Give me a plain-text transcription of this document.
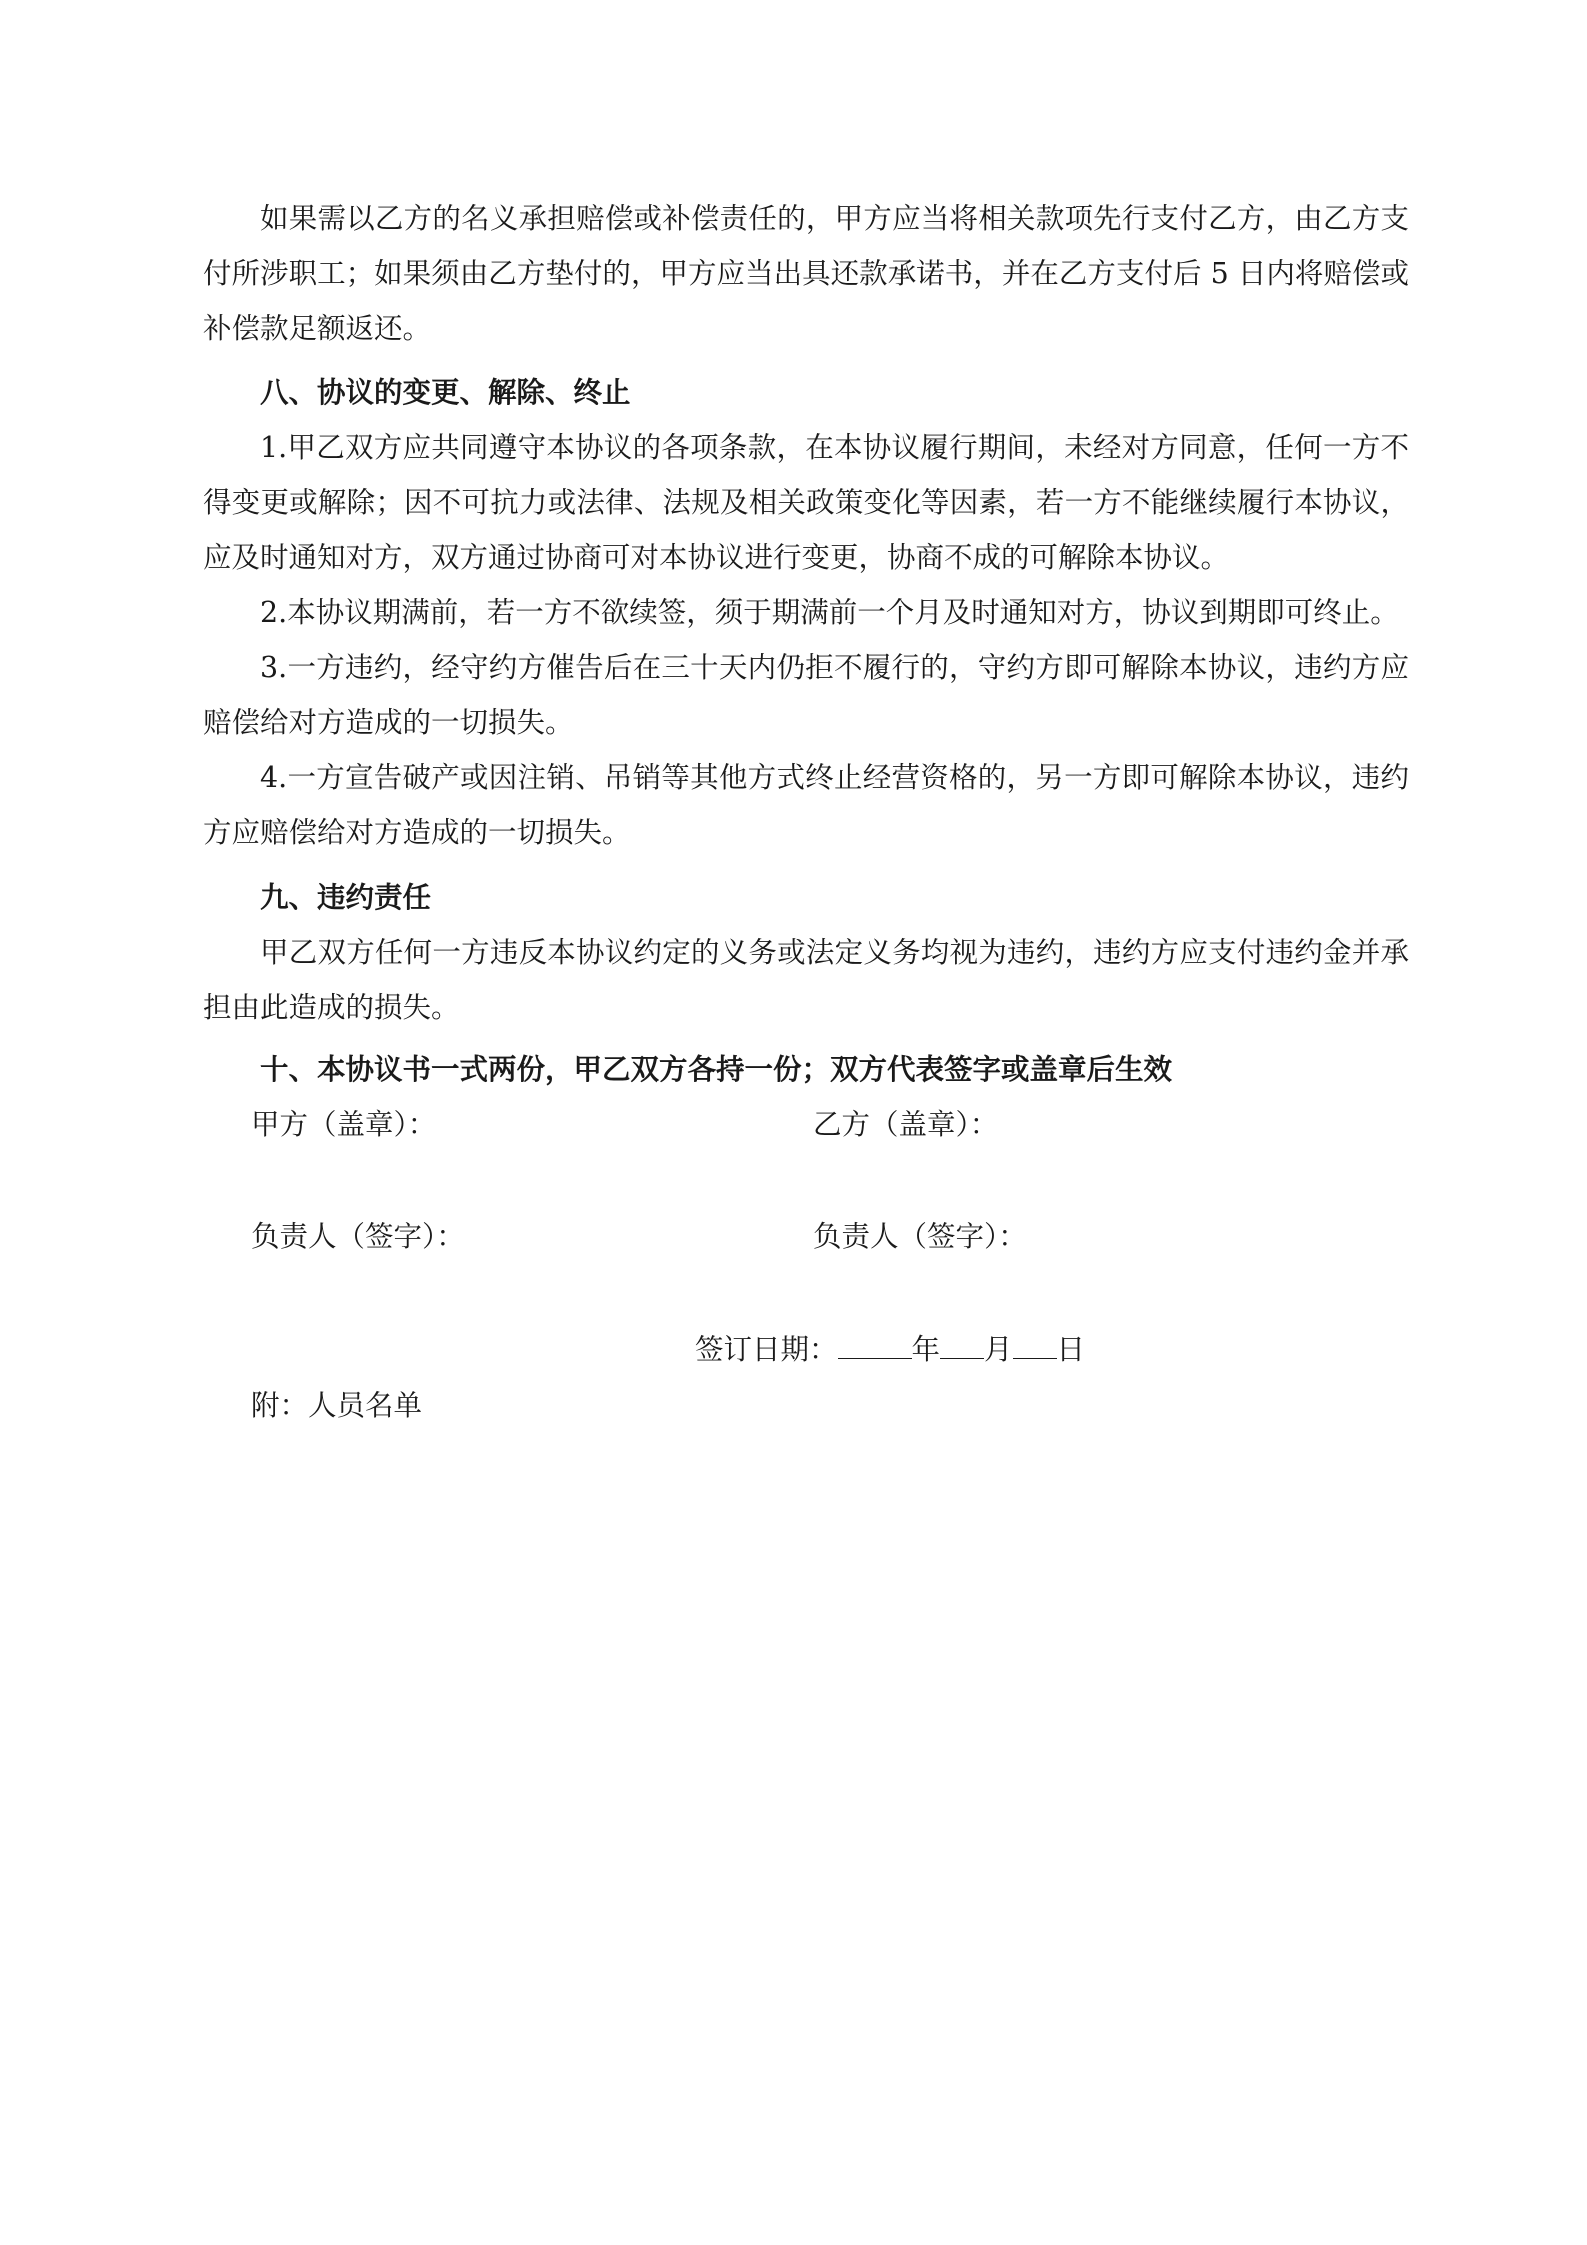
如果需以乙方的名义承担赔偿或补偿责任的，甲方应当将相关款项先行支付乙方，由乙方支付所涉职工；如果须由乙方垫付的，甲方应当出具还款承诺书，并在乙方支付后 5 日内将赔偿或补偿款足额返还。

八、协议的变更、解除、终止

1.甲乙双方应共同遵守本协议的各项条款，在本协议履行期间，未经对方同意，任何一方不得变更或解除；因不可抗力或法律、法规及相关政策变化等因素，若一方不能继续履行本协议，应及时通知对方，双方通过协商可对本协议进行变更，协商不成的可解除本协议。

2.本协议期满前，若一方不欲续签，须于期满前一个月及时通知对方，协议到期即可终止。

3.一方违约，经守约方催告后在三十天内仍拒不履行的，守约方即可解除本协议，违约方应赔偿给对方造成的一切损失。

4.一方宣告破产或因注销、吊销等其他方式终止经营资格的，另一方即可解除本协议，违约方应赔偿给对方造成的一切损失。

九、违约责任

甲乙双方任何一方违反本协议约定的义务或法定义务均视为违约，违约方应支付违约金并承担由此造成的损失。

十、本协议书一式两份，甲乙双方各持一份；双方代表签字或盖章后生效

甲方（盖章）：	乙方（盖章）：

负责人（签字）：	负责人（签字）：

签订日期：	年 月 日

附：人员名单
